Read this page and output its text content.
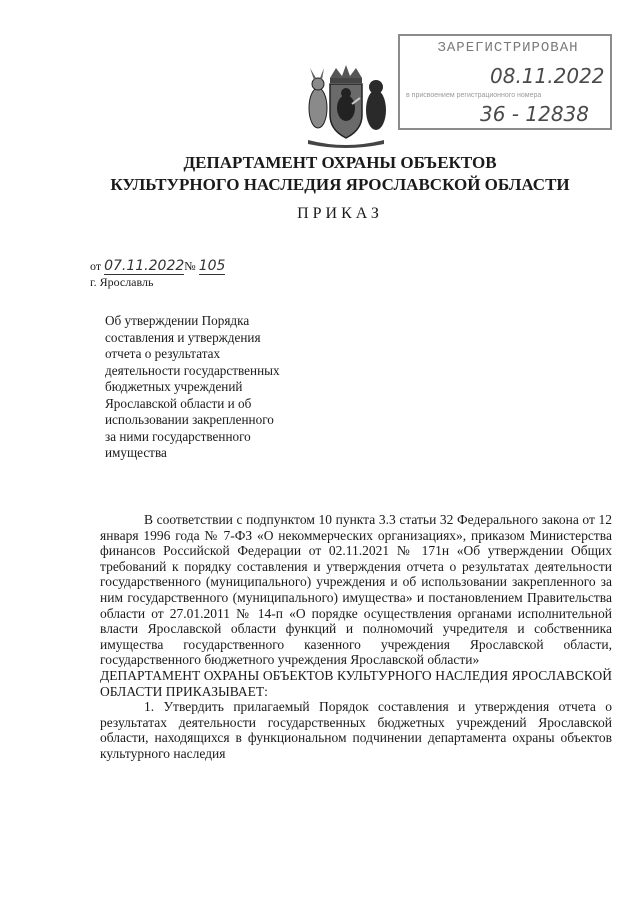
ЗАРЕГИСТРИРОВАН
08.11.2022
в присвоением регистрационного номера
36 - 12838
ДЕПАРТАМЕНТ ОХРАНЫ ОБЪЕКТОВ
КУЛЬТУРНОГО НАСЛЕДИЯ ЯРОСЛАВСКОЙ ОБЛАСТИ
ПРИКАЗ
от 07.11.2022№ 105
г. Ярославль
Об утверждении Порядка
составления и утверждения
отчета о результатах
деятельности государственных
бюджетных учреждений
Ярославской области и об
использовании закрепленного
за ними государственного
имущества

В соответствии с подпунктом 10 пункта 3.3 статьи 32 Федерального закона от 12 января 1996 года № 7-ФЗ «О некоммерческих организациях», приказом Министерства финансов Российской Федерации от 02.11.2021 № 171н «Об утверждении Общих требований к порядку составления и утверждения отчета о результатах деятельности государственного (муниципального) учреждения и об использовании закрепленного за ним государственного (муниципального) имущества» и постановлением Правительства области от 27.01.2011 № 14-п «О порядке осуществления органами исполнительной власти Ярославской области функций и полномочий учредителя и собственника имущества государственного казенного учреждения Ярославской области, государственного бюджетного учреждения Ярославской области»

ДЕПАРТАМЕНТ ОХРАНЫ ОБЪЕКТОВ КУЛЬТУРНОГО НАСЛЕДИЯ ЯРОСЛАВСКОЙ ОБЛАСТИ ПРИКАЗЫВАЕТ:

1. Утвердить прилагаемый Порядок составления и утверждения отчета о результатах деятельности государственных бюджетных учреждений Ярославской области, находящихся в функциональном подчинении департамента охраны объектов культурного наследия
